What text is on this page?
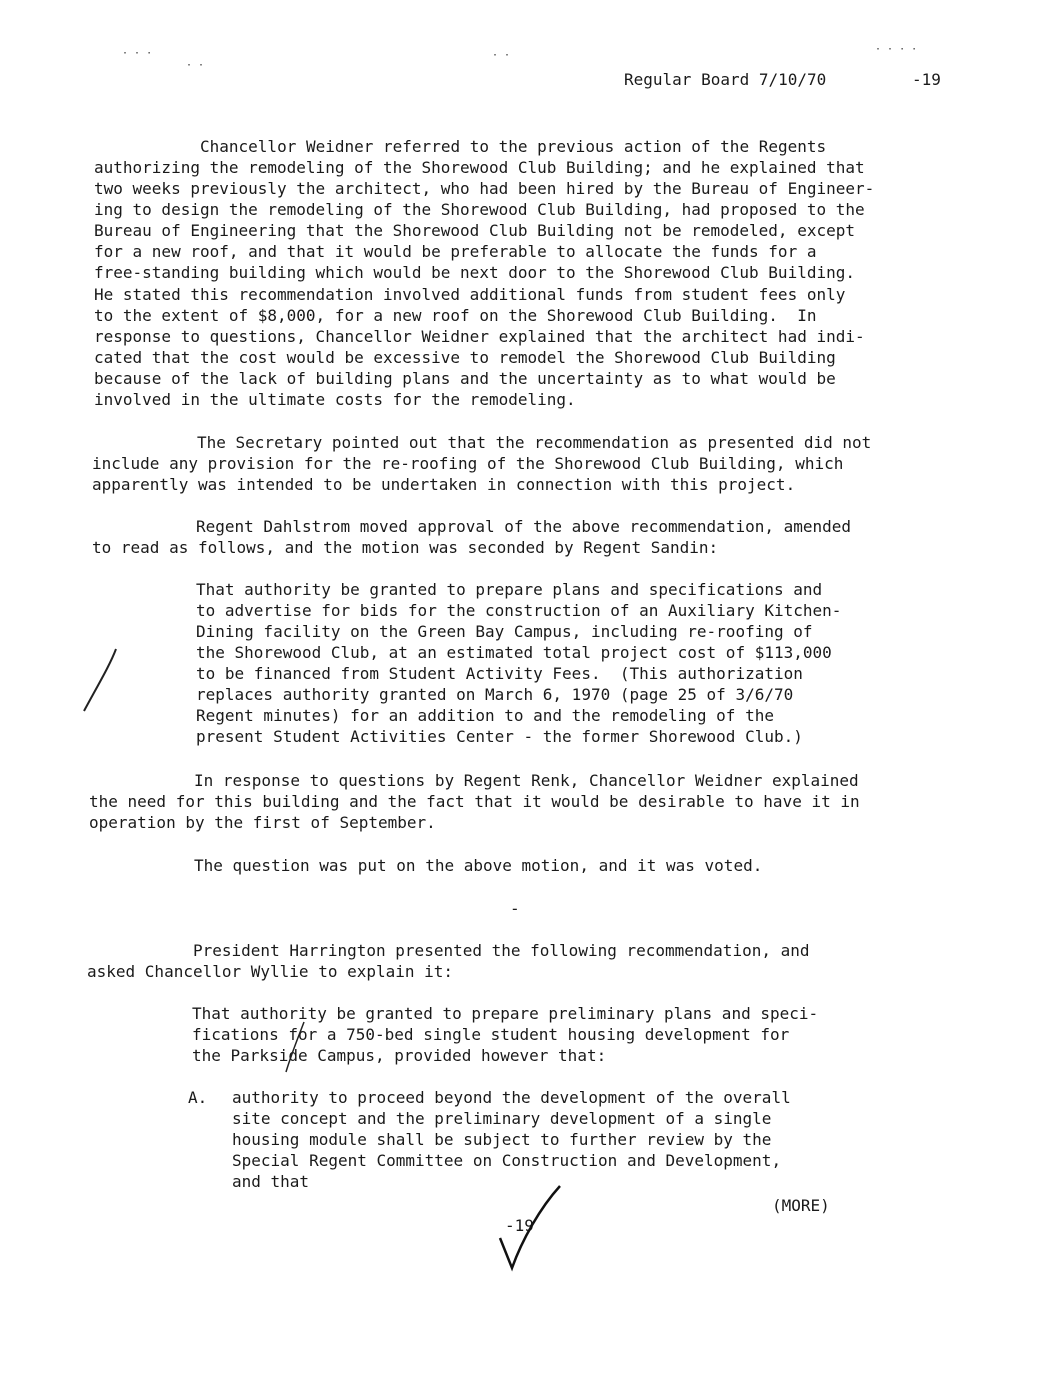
· · ·
· ·
· ·
· · · ·
Regular Board 7/10/70	-19
Chancellor Weidner referred to the previous action of the Regents
authorizing the remodeling of the Shorewood Club Building; and he explained that
two weeks previously the architect, who had been hired by the Bureau of Engineer-
ing to design the remodeling of the Shorewood Club Building, had proposed to the
Bureau of Engineering that the Shorewood Club Building not be remodeled, except
for a new roof, and that it would be preferable to allocate the funds for a
free-standing building which would be next door to the Shorewood Club Building.
He stated this recommendation involved additional funds from student fees only
to the extent of $8,000, for a new roof on the Shorewood Club Building.  In
response to questions, Chancellor Weidner explained that the architect had indi-
cated that the cost would be excessive to remodel the Shorewood Club Building
because of the lack of building plans and the uncertainty as to what would be
involved in the ultimate costs for the remodeling.
The Secretary pointed out that the recommendation as presented did not
include any provision for the re-roofing of the Shorewood Club Building, which
apparently was intended to be undertaken in connection with this project.
Regent Dahlstrom moved approval of the above recommendation, amended
to read as follows, and the motion was seconded by Regent Sandin:
That authority be granted to prepare plans and specifications and
to advertise for bids for the construction of an Auxiliary Kitchen-
Dining facility on the Green Bay Campus, including re-roofing of
the Shorewood Club, at an estimated total project cost of $113,000
to be financed from Student Activity Fees.  (This authorization
replaces authority granted on March 6, 1970 (page 25 of 3/6/70
Regent minutes) for an addition to and the remodeling of the
present Student Activities Center - the former Shorewood Club.)
In response to questions by Regent Renk, Chancellor Weidner explained
the need for this building and the fact that it would be desirable to have it in
operation by the first of September.
The question was put on the above motion, and it was voted.
-
President Harrington presented the following recommendation, and
asked Chancellor Wyllie to explain it:
That authority be granted to prepare preliminary plans and speci-
fications for a 750-bed single student housing development for
the Parkside Campus, provided however that:
A. authority to proceed beyond the development of the overall
site concept and the preliminary development of a single
housing module shall be subject to further review by the
Special Regent Committee on Construction and Development,
and that
(MORE)
-19
